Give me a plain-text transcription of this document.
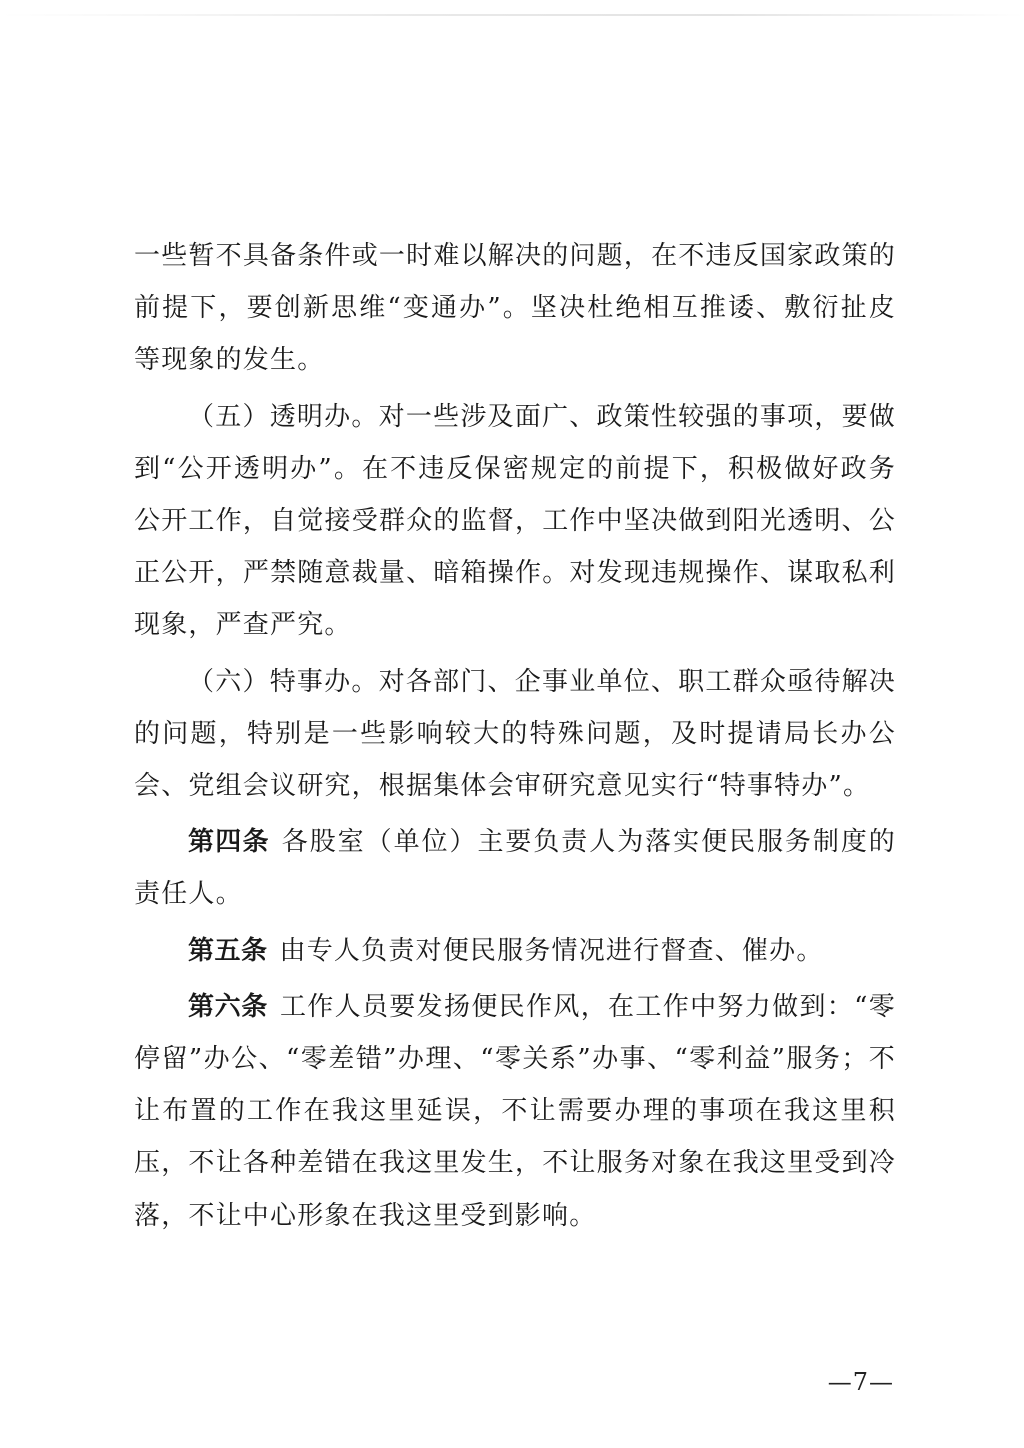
一些暂不具备条件或一时难以解决的问题，在不违反国家政策的前提下，要创新思维“变通办”。坚决杜绝相互推诿、敷衍扯皮等现象的发生。

（五）透明办。对一些涉及面广、政策性较强的事项，要做到“公开透明办”。在不违反保密规定的前提下，积极做好政务公开工作，自觉接受群众的监督，工作中坚决做到阳光透明、公正公开，严禁随意裁量、暗箱操作。对发现违规操作、谋取私利现象，严查严究。

（六）特事办。对各部门、企事业单位、职工群众亟待解决的问题，特别是一些影响较大的特殊问题，及时提请局长办公会、党组会议研究，根据集体会审研究意见实行“特事特办”。

第四条 各股室（单位）主要负责人为落实便民服务制度的责任人。

第五条 由专人负责对便民服务情况进行督查、催办。

第六条 工作人员要发扬便民作风，在工作中努力做到：“零停留”办公、“零差错”办理、“零关系”办事、“零利益”服务；不让布置的工作在我这里延误，不让需要办理的事项在我这里积压，不让各种差错在我这里发生，不让服务对象在我这里受到冷落，不让中心形象在我这里受到影响。

—7—
